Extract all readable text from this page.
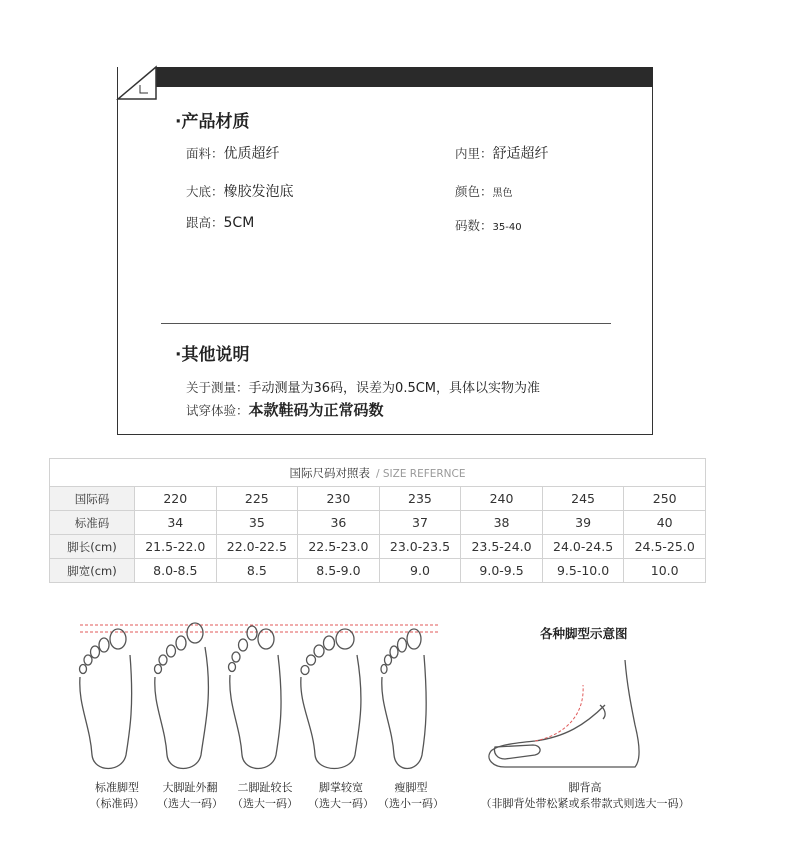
·产品材质
面料：优质超纤	内里：舒适超纤
大底：橡胶发泡底	颜色：黑色
跟高：5CM	码数：35-40
·其他说明
关于测量：手动测量为36码，误差为0.5CM，具体以实物为准
试穿体验：本款鞋码为正常码数
国际尺码对照表 / SIZE REFERNCE							
国际码	220	225	230	235	240	245	250
标准码	34	35	36	37	38	39	40
脚长(cm)	21.5-22.0	22.0-22.5	22.5-23.0	23.0-23.5	23.5-24.0	24.0-24.5	24.5-25.0
脚宽(cm)	8.0-8.5	8.5	8.5-9.0	9.0	9.0-9.5	9.5-10.0	10.0
标准脚型
（标准码）
大脚趾外翻
（选大一码）
二脚趾较长
（选大一码）
脚掌较宽
（选大一码）
瘦脚型
（选小一码）
各种脚型示意图
脚背高
（非脚背处带松紧或系带款式则选大一码）
